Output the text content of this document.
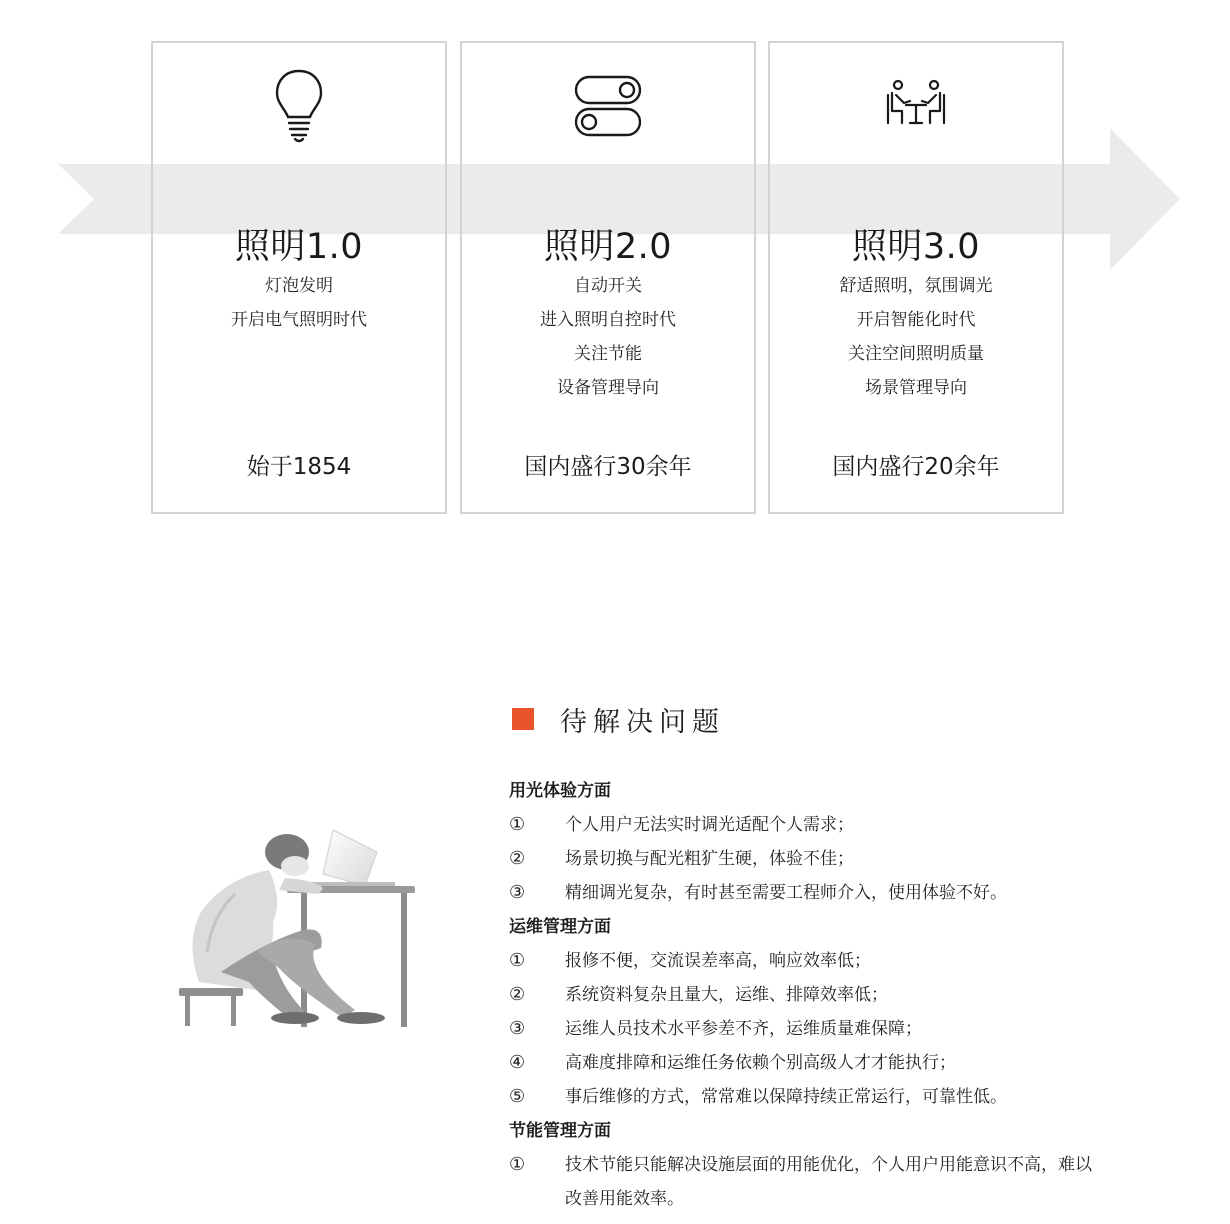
照明1.0
灯泡发明
开启电气照明时代
始于1854
照明2.0
自动开关
进入照明自控时代
关注节能
设备管理导向
国内盛行30余年
照明3.0
舒适照明，氛围调光
开启智能化时代
关注空间照明质量
场景管理导向
国内盛行20余年
待解决问题
用光体验方面
①	个人用户无法实时调光适配个人需求；
②	场景切换与配光粗犷生硬，体验不佳；
③	精细调光复杂，有时甚至需要工程师介入，使用体验不好。
运维管理方面
①	报修不便，交流误差率高，响应效率低；
②	系统资料复杂且量大，运维、排障效率低；
③	运维人员技术水平参差不齐，运维质量难保障；
④	高难度排障和运维任务依赖个别高级人才才能执行；
⑤	事后维修的方式，常常难以保障持续正常运行，可靠性低。
节能管理方面
①	技术节能只能解决设施层面的用能优化，个人用户用能意识不高，难以改善用能效率。
